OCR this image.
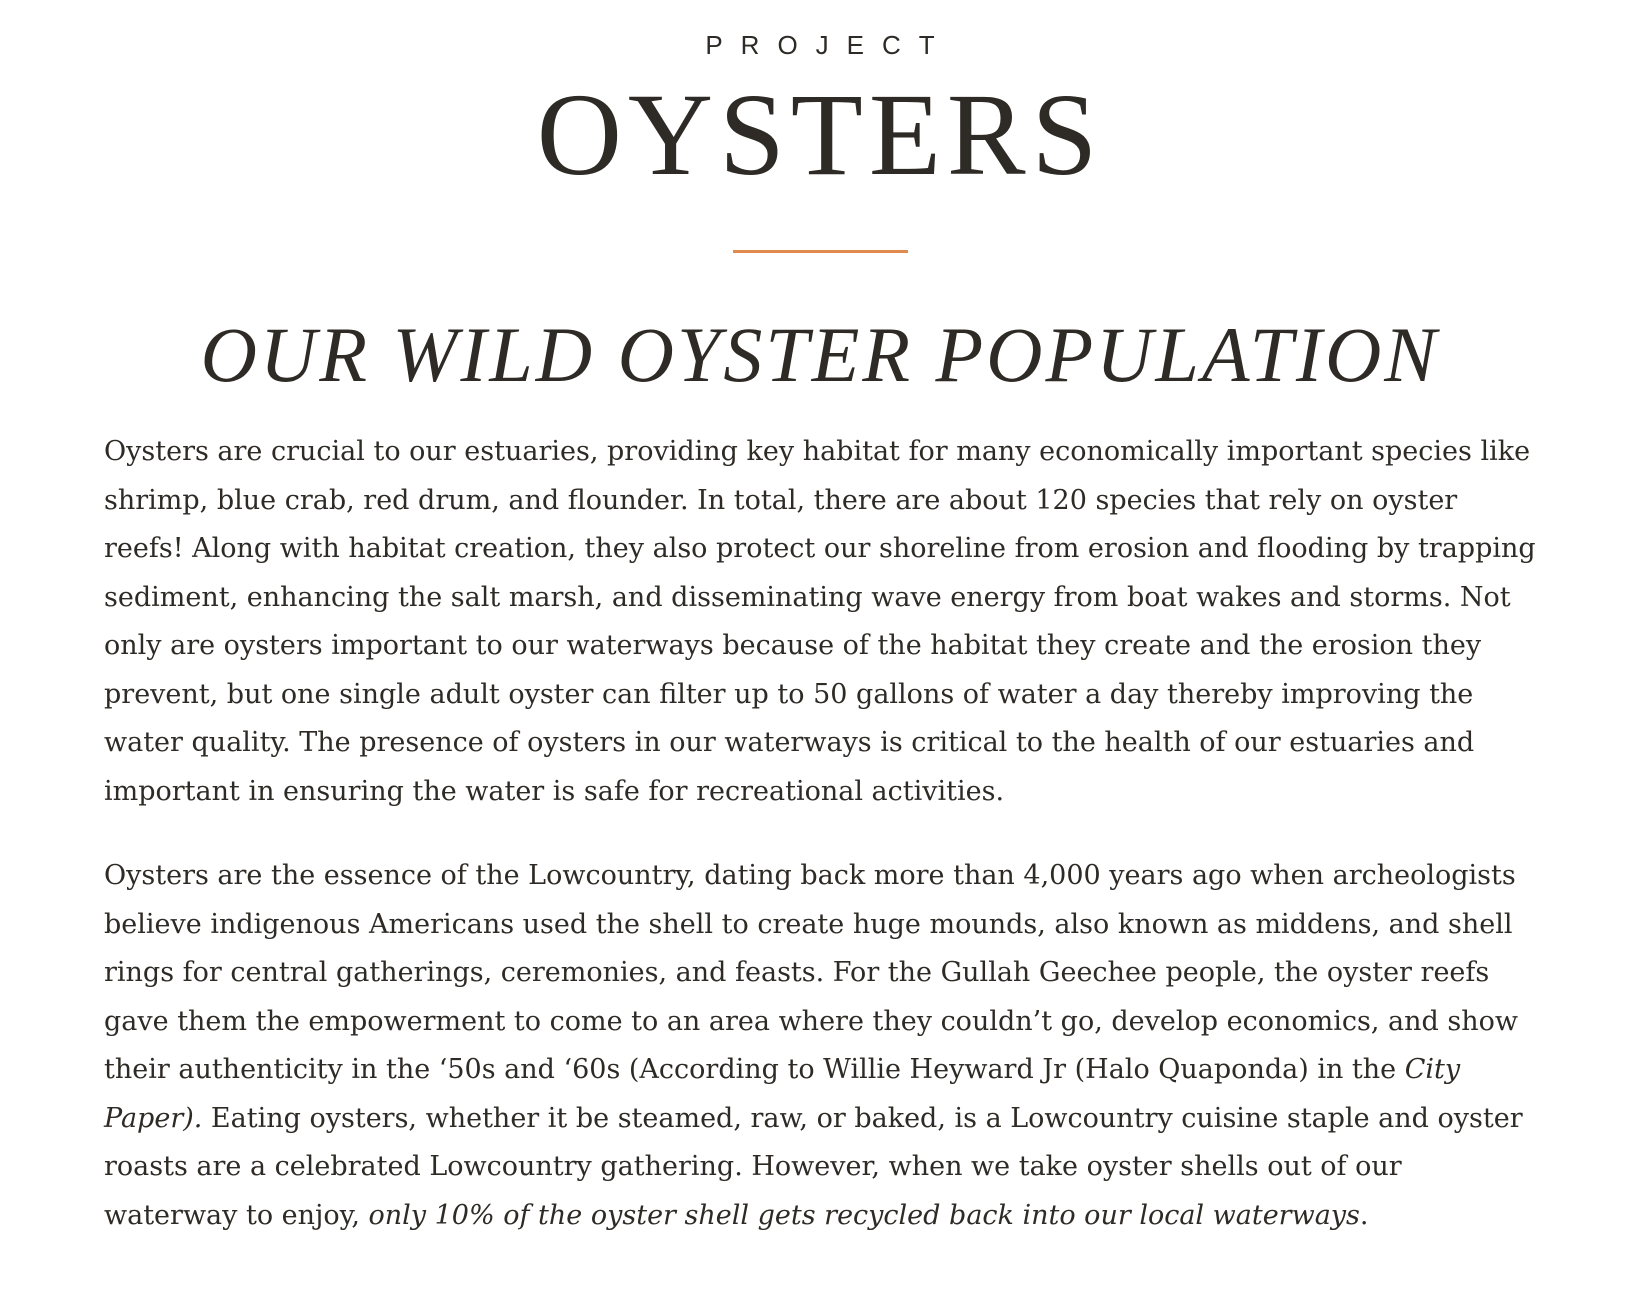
PROJECT
OYSTERS
OUR WILD OYSTER POPULATION

Oysters are crucial to our estuaries, providing key habitat for many economically important species like shrimp, blue crab, red drum, and flounder. In total, there are about 120 species that rely on oyster reefs! Along with habitat creation, they also protect our shoreline from erosion and flooding by trapping sediment, enhancing the salt marsh, and disseminating wave energy from boat wakes and storms. Not only are oysters important to our waterways because of the habitat they create and the erosion they prevent, but one single adult oyster can filter up to 50 gallons of water a day thereby improving the water quality. The presence of oysters in our waterways is critical to the health of our estuaries and important in ensuring the water is safe for recreational activities.

Oysters are the essence of the Lowcountry, dating back more than 4,000 years ago when archeologists believe indigenous Americans used the shell to create huge mounds, also known as middens, and shell rings for central gatherings, ceremonies, and feasts. For the Gullah Geechee people, the oyster reefs gave them the empowerment to come to an area where they couldn’t go, develop economics, and show their authenticity in the ‘50s and ‘60s (According to Willie Heyward Jr (Halo Quaponda) in the City Paper). Eating oysters, whether it be steamed, raw, or baked, is a Lowcountry cuisine staple and oyster roasts are a celebrated Lowcountry gathering. However, when we take oyster shells out of our waterway to enjoy, only 10% of the oyster shell gets recycled back into our local waterways.
